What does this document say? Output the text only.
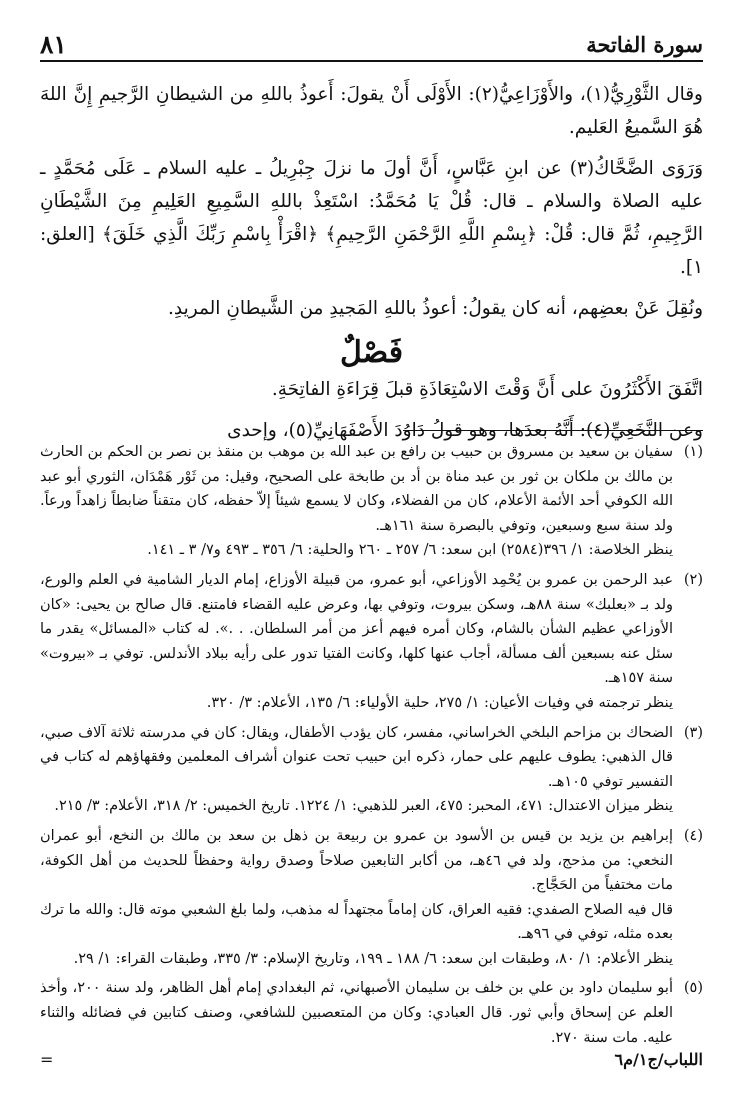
سورة الفاتحة
٨١

وقال الثَّوْرِيُّ(١)، والأَوْزَاعِيُّ(٢): الأَوْلَى أَنْ يقولَ: أَعوذُ باللهِ من الشيطانِ الرَّجيمِ إِنَّ اللهَ هُوَ السَّميعُ العَليم.

وَرَوَى الضَّحَّاكُ(٣) عن ابنِ عَبَّاسٍ، أَنَّ أولَ ما نزلَ جِبْرِيلُ ـ عليه السلام ـ عَلَى مُحَمَّدٍ ـ عليه الصلاة والسلام ـ قال: قُلْ يَا مُحَمَّدُ: اسْتَعِذْ باللهِ السَّمِيعِ العَلِيمِ مِنَ الشَّيْطَانِ الرَّجِيمِ، ثُمَّ قال: قُلْ: ﴿بِسْمِ اللَّهِ الرَّحْمَنِ الرَّحِيمِ﴾ ﴿اقْرَأْ بِاسْمِ رَبِّكَ الَّذِي خَلَقَ﴾ [العلق: ١].

ونُقِلَ عَنْ بعضِهم، أنه كان يقولُ: أعوذُ باللهِ المَجيدِ من الشَّيطانِ المريدِ.

فَصْلٌ

اتَّفَقَ الأَكْثَرُونَ على أَنَّ وَقْتَ الاسْتِعَاذَةِ قبلَ قِرَاءَةِ الفاتِحَةِ.

وعن النَّخَعِيِّ(٤): أَنَّهُ بعدَها، وهو قولُ دَاوُدَ الأَصْفَهَانِيِّ(٥)، وإحدى

(١)
سفيان بن سعيد بن مسروق بن حبيب بن رافع بن عبد الله بن موهب بن منقذ بن نصر بن الحكم بن الحارث بن مالك بن ملكان بن ثور بن عبد مناة بن أد بن طابخة على الصحيح، وقيل: من ثَوْر هَمْدَان، الثوري أبو عبد الله الكوفي أحد الأئمة الأعلام، كان من الفضلاء، وكان لا يسمع شيئاً إلاّ حفظه، كان متقناً ضابطاً زاهداً ورعاً. ولد سنة سبع وسبعين، وتوفي بالبصرة سنة ١٦١هـ.
ينظر الخلاصة: ١/ ٣٩٦(٢٥٨٤) ابن سعد: ٦/ ٢٥٧ ـ ٢٦٠ والحلية: ٦/ ٣٥٦ ـ ٤٩٣ و٧/ ٣ ـ ١٤١.
(٢)
عبد الرحمن بن عمرو بن يُحْمِد الأوزاعي، أبو عمرو، من قبيلة الأوزاع، إمام الديار الشامية في العلم والورع، ولد بـ «بعلبك» سنة ٨٨هـ، وسكن بيروت، وتوفي بها، وعرض عليه القضاء فامتنع. قال صالح بن يحيى: «كان الأوزاعي عظيم الشأن بالشام، وكان أمره فيهم أعز من أمر السلطان. . .». له كتاب «المسائل» يقدر ما سئل عنه بسبعين ألف مسألة، أجاب عنها كلها، وكانت الفتيا تدور على رأيه ببلاد الأندلس. توفي بـ «بيروت» سنة ١٥٧هـ.
ينظر ترجمته في وفيات الأعيان: ١/ ٢٧٥، حلية الأولياء: ٦/ ١٣٥، الأعلام: ٣/ ٣٢٠.
(٣)
الضحاك بن مزاحم البلخي الخراساني، مفسر، كان يؤدب الأطفال، ويقال: كان في مدرسته ثلاثة آلاف صبي، قال الذهبي: يطوف عليهم على حمار، ذكره ابن حبيب تحت عنوان أشراف المعلمين وفقهاؤهم له كتاب في التفسير توفي ١٠٥هـ.
ينظر ميزان الاعتدال: ٤٧١، المحبر: ٤٧٥، العبر للذهبي: ١/ ١٢٢٤. تاريخ الخميس: ٢/ ٣١٨، الأعلام: ٣/ ٢١٥.
(٤)
إبراهيم بن يزيد بن قيس بن الأسود بن عمرو بن ربيعة بن ذهل بن سعد بن مالك بن النخع، أبو عمران النخعي: من مذحج، ولد في ٤٦هـ، من أكابر التابعين صلاحاً وصدق رواية وحفظاً للحديث من أهل الكوفة، مات مختفياً من الحَجَّاج.
قال فيه الصلاح الصفدي: فقيه العراق، كان إماماً مجتهداً له مذهب، ولما بلغ الشعبي موته قال: والله ما ترك بعده مثله، توفي في ٩٦هـ.
ينظر الأعلام: ١/ ٨٠، وطبقات ابن سعد: ٦/ ١٨٨ ـ ١٩٩، وتاريخ الإسلام: ٣/ ٣٣٥، وطبقات القراء: ١/ ٢٩.
(٥)
أبو سليمان داود بن علي بن خلف بن سليمان الأصبهاني، ثم البغدادي إمام أهل الظاهر، ولد سنة ٢٠٠، وأخذ العلم عن إسحاق وأبي ثور. قال العبادي: وكان من المتعصبين للشافعي، وصنف كتابين في فضائله والثناء عليه. مات سنة ٢٧٠.
اللباب/ج١/م٦
=
